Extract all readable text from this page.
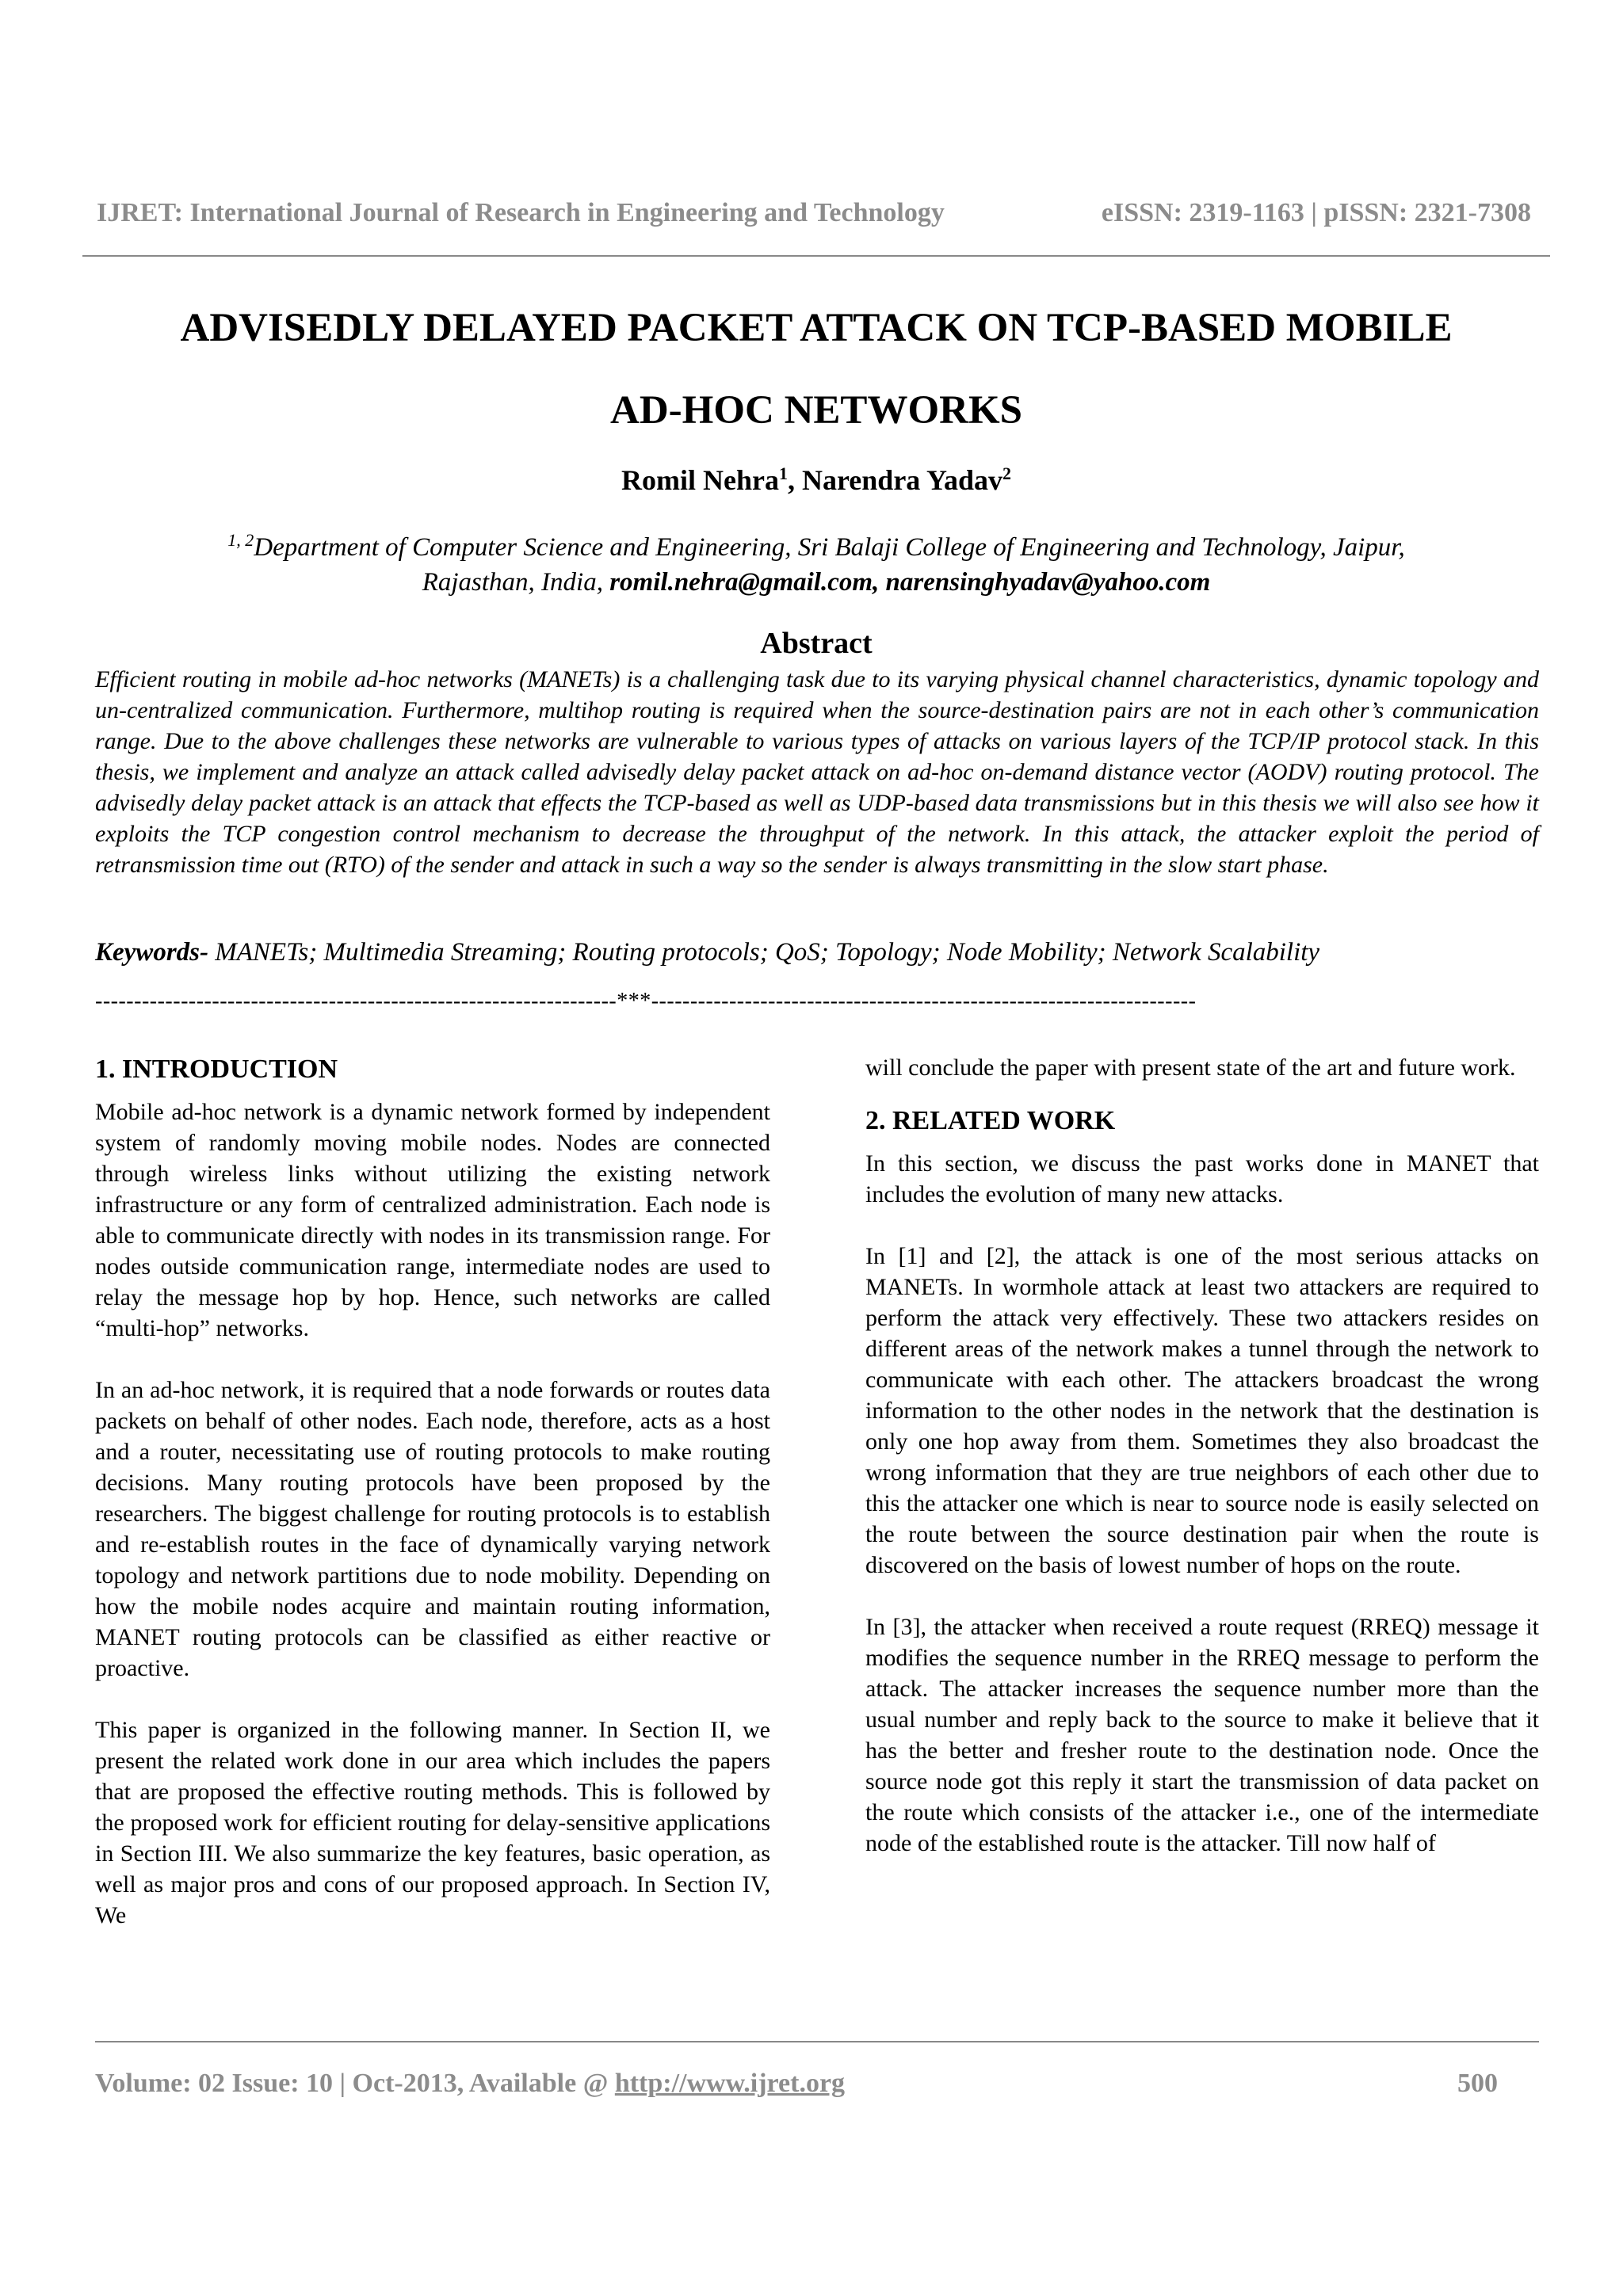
IJRET: International Journal of Research in Engineering and Technology	eISSN: 2319-1163 | pISSN: 2321-7308
ADVISEDLY DELAYED PACKET ATTACK ON TCP-BASED MOBILE
AD-HOC NETWORKS
Romil Nehra$^1$, Narendra Yadav$^2$
$^{1, 2}$Department of Computer Science and Engineering, Sri Balaji College of Engineering and Technology, Jaipur,
Rajasthan, India, romil.nehra@gmail.com, narensinghyadav@yahoo.com
Abstract
Efficient routing in mobile ad-hoc networks (MANETs) is a challenging task due to its varying physical channel characteristics, dynamic topology and un-centralized communication. Furthermore, multihop routing is required when the source-destination pairs are not in each other’s communication range. Due to the above challenges these networks are vulnerable to various types of attacks on various layers of the TCP/IP protocol stack. In this thesis, we implement and analyze an attack called advisedly delay packet attack on ad-hoc on-demand distance vector (AODV) routing protocol. The advisedly delay packet attack is an attack that effects the TCP-based as well as UDP-based data transmissions but in this thesis we will also see how it exploits the TCP congestion control mechanism to decrease the throughput of the network. In this attack, the attacker exploit the period of retransmission time out (RTO) of the sender and attack in such a way so the sender is always transmitting in the slow start phase.
Keywords- MANETs; Multimedia Streaming; Routing protocols; QoS; Topology; Node Mobility; Network Scalability
-------------------------------------------------------------------***----------------------------------------------------------------------
1. INTRODUCTION

Mobile ad-hoc network is a dynamic network formed by independent system of randomly moving mobile nodes. Nodes are connected through wireless links without utilizing the existing network infrastructure or any form of centralized administration. Each node is able to communicate directly with nodes in its transmission range. For nodes outside communication range, intermediate nodes are used to relay the message hop by hop. Hence, such networks are called “multi-hop” networks.

In an ad-hoc network, it is required that a node forwards or routes data packets on behalf of other nodes. Each node, therefore, acts as a host and a router, necessitating use of routing protocols to make routing decisions. Many routing protocols have been proposed by the researchers. The biggest challenge for routing protocols is to establish and re-establish routes in the face of dynamically varying network topology and network partitions due to node mobility. Depending on how the mobile nodes acquire and maintain routing information, MANET routing protocols can be classified as either reactive or proactive.

This paper is organized in the following manner. In Section II, we present the related work done in our area which includes the papers that are proposed the effective routing methods. This is followed by the proposed work for efficient routing for delay-sensitive applications in Section III. We also summarize the key features, basic operation, as well as major pros and cons of our proposed approach. In Section IV, We

will conclude the paper with present state of the art and future work.

2. RELATED WORK

In this section, we discuss the past works done in MANET that includes the evolution of many new attacks.

In [1] and [2], the attack is one of the most serious attacks on MANETs. In wormhole attack at least two attackers are required to perform the attack very effectively. These two attackers resides on different areas of the network makes a tunnel through the network to communicate with each other. The attackers broadcast the wrong information to the other nodes in the network that the destination is only one hop away from them. Sometimes they also broadcast the wrong information that they are true neighbors of each other due to this the attacker one which is near to source node is easily selected on the route between the source destination pair when the route is discovered on the basis of lowest number of hops on the route.

In [3], the attacker when received a route request (RREQ) message it modifies the sequence number in the RREQ message to perform the attack. The attacker increases the sequence number more than the usual number and reply back to the source to make it believe that it has the better and fresher route to the destination node. Once the source node got this reply it start the transmission of data packet on the route which consists of the attacker i.e., one of the intermediate node of the established route is the attacker. Till now half of

Volume: 02 Issue: 10 | Oct-2013, Available @ http://www.ijret.org	500
